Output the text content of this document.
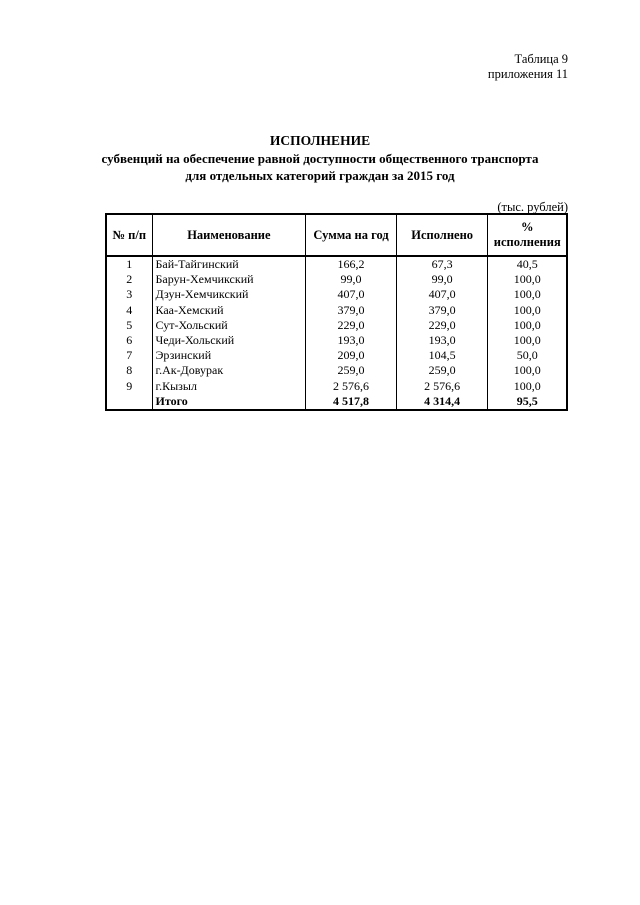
Таблица 9
приложения 11
ИСПОЛНЕНИЕ
субвенций на обеспечение равной доступности общественного транспорта
для отдельных категорий граждан за 2015 год
(тыс. рублей)
№ п/п	Наименование	Сумма на год	Исполнено	%
исполнения
1	Бай-Тайгинский	166,2	67,3	40,5
2	Барун-Хемчикский	99,0	99,0	100,0
3	Дзун-Хемчикский	407,0	407,0	100,0
4	Каа-Хемский	379,0	379,0	100,0
5	Сут-Хольский	229,0	229,0	100,0
6	Чеди-Хольский	193,0	193,0	100,0
7	Эрзинский	209,0	104,5	50,0
8	г.Ак-Довурак	259,0	259,0	100,0
9	г.Кызыл	2 576,6	2 576,6	100,0
	Итого	4 517,8	4 314,4	95,5
